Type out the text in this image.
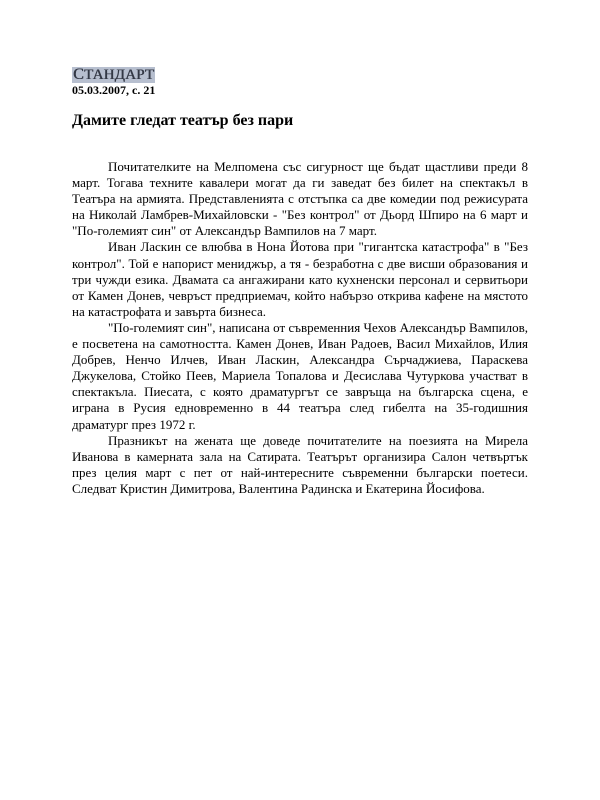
СТАНДАРТ
05.03.2007, с. 21
Дамите гледат театър без пари

Почитателките на Мелпомена със сигурност ще бъдат щастливи преди 8 март. Тогава техните кавалери могат да ги заведат без билет на спектакъл в Театъра на армията. Представленията с отстъпка са две комедии под режисурата на Николай Ламбрев-Михайловски - "Без контрол" от Дьорд Шпиро на 6 март и "По-големият син" от Александър Вампилов на 7 март.

Иван Ласкин се влюбва в Нона Йотова при "гигантска катастрофа" в "Без контрол". Той е напорист мениджър, а тя - безработна с две висши образования и три чужди езика. Двамата са ангажирани като кухненски персонал и сервитьори от Камен Донев, чевръст предприемач, който набързо открива кафене на мястото на катастрофата и завърта бизнеса.

"По-големият син", написана от съвременния Чехов Александър Вампилов, е посветена на самотността. Камен Донев, Иван Радоев, Васил Михайлов, Илия Добрев, Ненчо Илчев, Иван Ласкин, Александра Сърчаджиева, Параскева Джукелова, Стойко Пеев, Мариела Топалова и Десислава Чутуркова участват в спектакъла. Пиесата, с която драматургът се завръща на българска сцена, е играна в Русия едновременно в 44 театъра след гибелта на 35-годишния драматург през 1972 г.

Празникът на жената ще доведе почитателите на поезията на Мирела Иванова в камерната зала на Сатирата. Театърът организира Салон четвъртък през целия март с пет от най-интересните съвременни български поетеси. Следват Кристин Димитрова, Валентина Радинска и Екатерина Йосифова.
